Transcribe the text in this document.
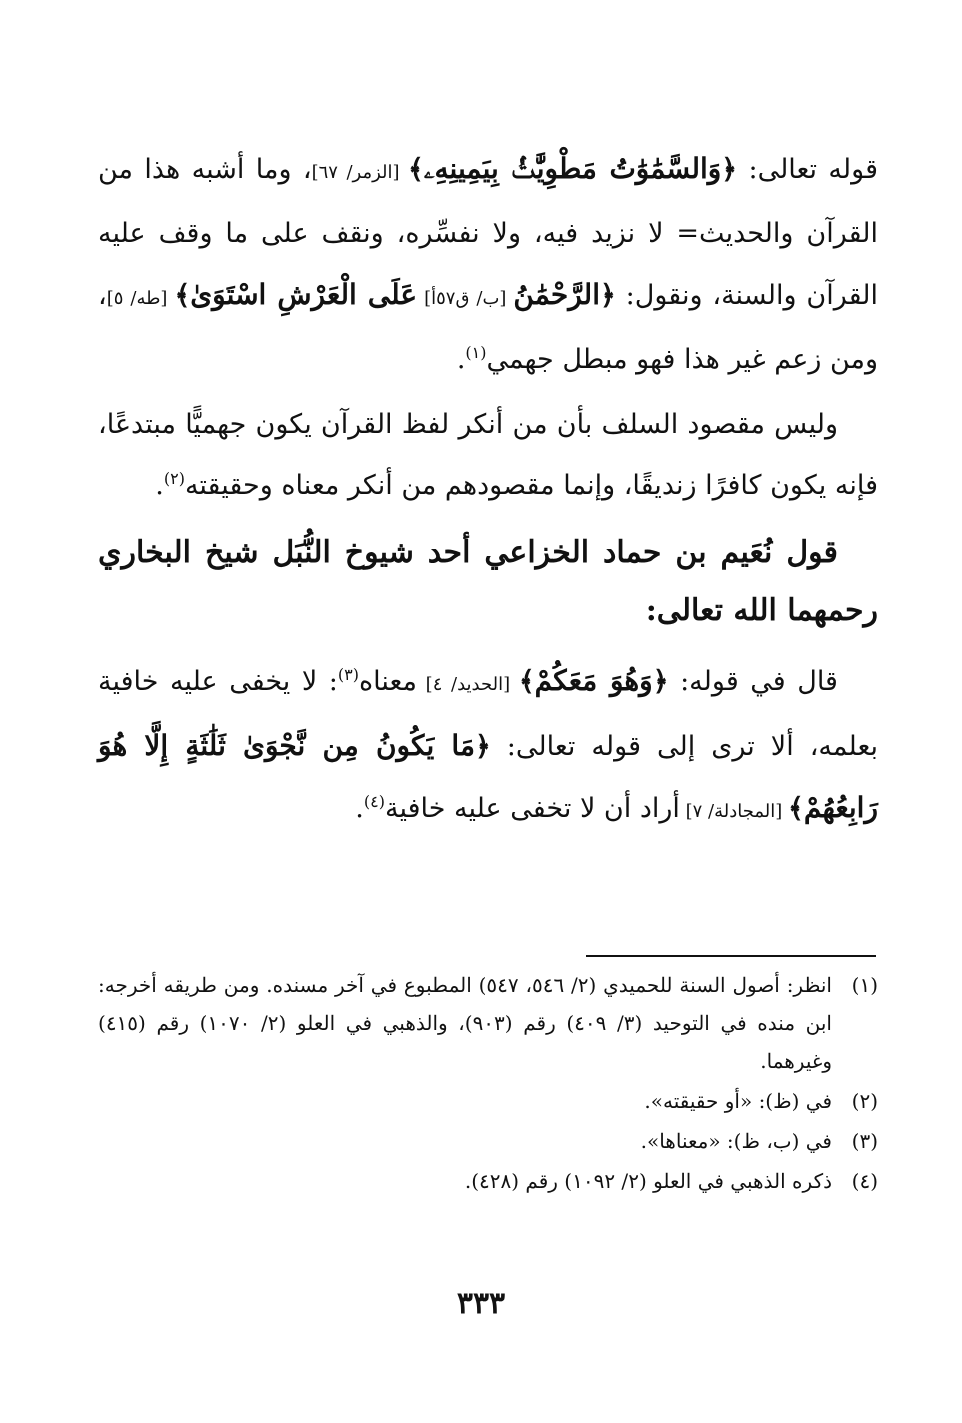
قوله تعالى: ﴿وَالسَّمَٰوَٰتُ مَطْوِيَّٰتُۢ بِيَمِينِهِۦ﴾ [الزمر/ ٦٧]، وما أشبه هذا من القرآن والحديث= لا نزيد فيه، ولا نفسِّره، ونقف على ما وقف عليه القرآن والسنة، ونقول: ﴿الرَّحْمَٰنُ [ب/ ق٥٧أ] عَلَى الْعَرْشِ اسْتَوَىٰ﴾ [طه/ ٥]، ومن زعم غير هذا فهو مبطل جهمي$^{(١)}$.

وليس مقصود السلف بأن من أنكر لفظ القرآن يكون جهميًّا مبتدعًا، فإنه يكون كافرًا زنديقًا، وإنما مقصودهم من أنكر معناه وحقيقته$^{(٢)}$.

قول نُعَيم بن حماد الخزاعي أحد شيوخ النُّبَل شيخ البخاري رحمهما الله تعالى:

قال في قوله: ﴿وَهُوَ مَعَكُمْ﴾ [الحديد/ ٤] معناه$^{(٣)}$: لا يخفى عليه خافية بعلمه، ألا ترى إلى قوله تعالى: ﴿مَا يَكُونُ مِن نَّجْوَىٰ ثَلَٰثَةٍ إِلَّا هُوَ رَابِعُهُمْ﴾ [المجادلة/ ٧] أراد أن لا تخفى عليه خافية$^{(٤)}$.

(١)
انظر: أصول السنة للحميدي (٢/ ٥٤٦، ٥٤٧) المطبوع في آخر مسنده. ومن طريقه أخرجه: ابن منده في التوحيد (٣/ ٤٠٩) رقم (٩٠٣)، والذهبي في العلو (٢/ ١٠٧٠) رقم (٤١٥) وغيرهما.

(٢)
في (ظ): «أو حقيقته».

(٣)
في (ب، ظ): «معناها».

(٤)
ذكره الذهبي في العلو (٢/ ١٠٩٢) رقم (٤٢٨).

٣٣٣
